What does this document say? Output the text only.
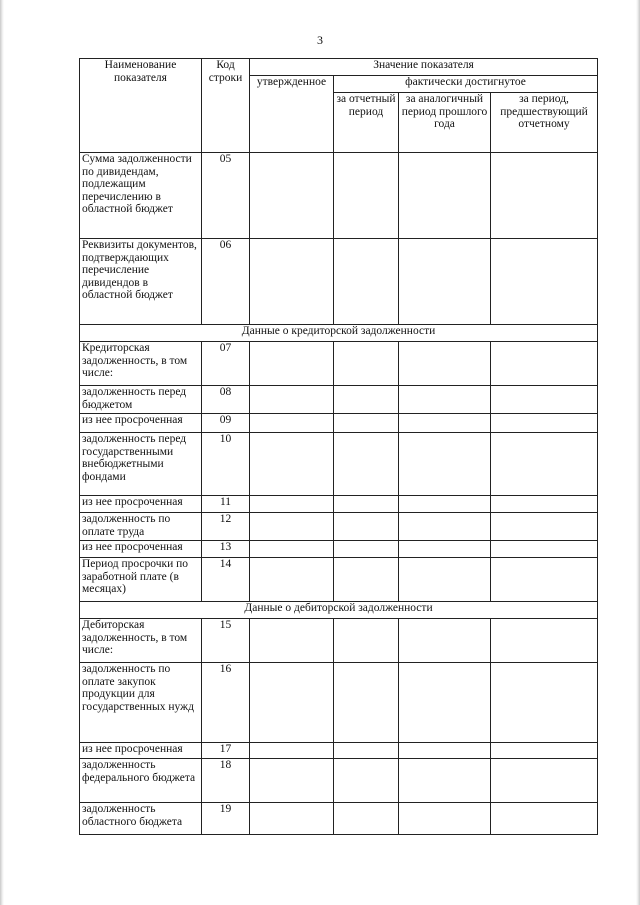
3
Наименование показателя	Код строки	Значение показателя			
		утвержденное	фактически достигнутое		
			за отчетный период	за аналогичный период прошлого года	за период, предшествующий отчетному
Сумма задолженности по дивидендам, подлежащим перечислению в областной бюджет	05				
Реквизиты документов, подтверждающих перечисление дивидендов в областной бюджет	06				
Данные о кредиторской задолженности					
Кредиторская задолженность, в том числе:	07				
задолженность перед бюджетом	08				
из нее просроченная	09				
задолженность перед государственными внебюджетными фондами	10				
из нее просроченная	11				
задолженность по оплате труда	12				
из нее просроченная	13				
Период просрочки по заработной плате (в месяцах)	14				
Данные о дебиторской задолженности					
Дебиторская задолженность, в том числе:	15				
задолженность по оплате закупок продукции для государственных нужд	16				
из нее просроченная	17				
задолженность федерального бюджета	18				
задолженность областного бюджета	19				
